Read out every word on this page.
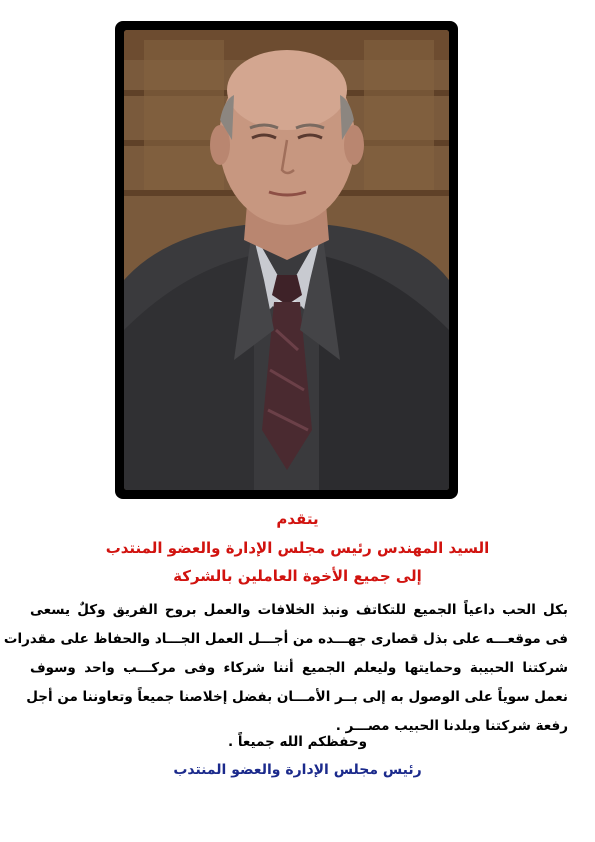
يتقدم
السيد المهندس رئيس مجلس الإدارة والعضو المنتدب
إلى جميع الأخوة العاملين بالشركة
بكل الحب داعياً الجميع للتكاتف ونبذ الخلافات والعمل بروح الفريق وكلٌ يسعى
فى موقعـــه على بذل قصارى جهـــده من أجـــل العمل الجـــاد والحفاظ على مقدرات
شركتنا الحبيبة وحمايتها وليعلم الجميع أننا شركاء وفى مركـــب واحد وسوف
نعمل سوياً على الوصول به إلى بــر الأمـــان بفضل إخلاصنا جميعاً وتعاوننا من أجل
رفعة شركتنا وبلدنا الحبيب مصـــر .
وحفظكم الله جميعاً .
رئيس مجلس الإدارة والعضو المنتدب
